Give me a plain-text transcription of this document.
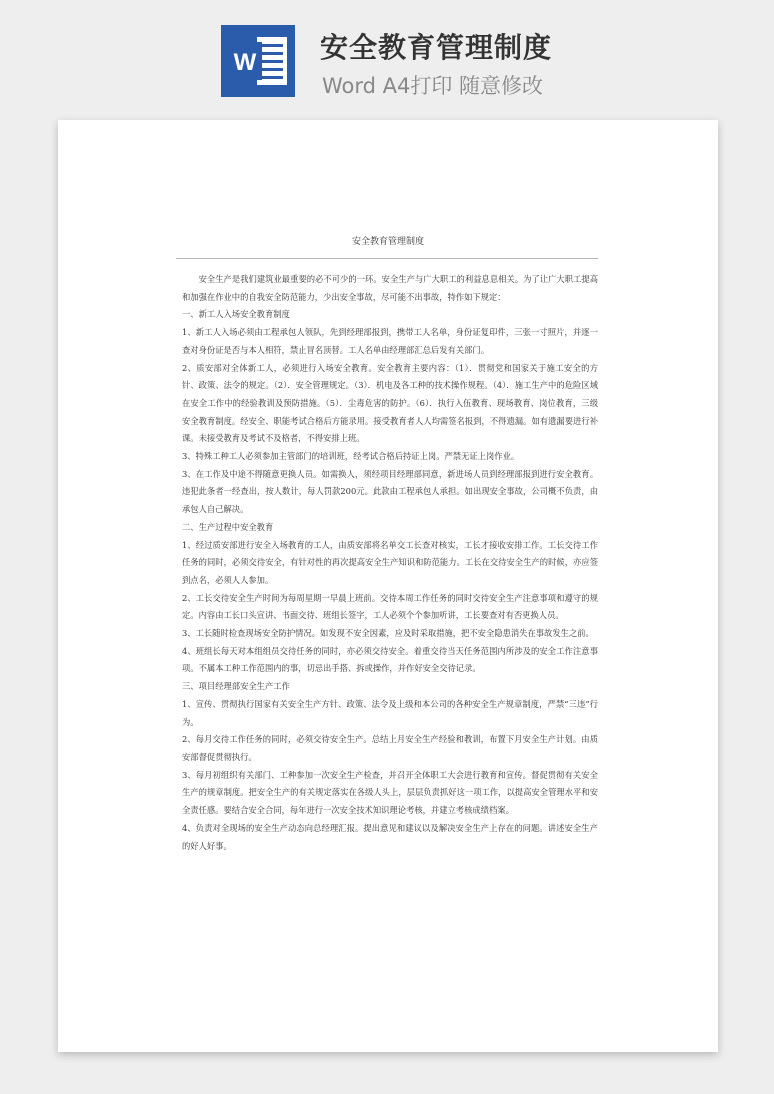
W 安全教育管理制度
Word A4打印 随意修改
安全教育管理制度

安全生产是我们建筑业最重要的必不可少的一环。安全生产与广大职工的利益息息相关。为了让广大职工提高和加强在作业中的自我安全防范能力，少出安全事故，尽可能不出事故，特作如下规定：

一、新工人入场安全教育制度

1、新工人入场必须由工程承包人领队，先到经理部报到，携带工人名单，身份证复印件，三张一寸照片，并逐一查对身份证是否与本人相符，禁止冒名顶替。工人名单由经理部汇总后发有关部门。

2、质安部对全体新工人，必须进行入场安全教育。安全教育主要内容：（1）．贯彻党和国家关于施工安全的方针、政策、法令的规定。（2）．安全管理规定。（3）．机电及各工种的技术操作规程。（4）．施工生产中的危险区域在安全工作中的经验教训及预防措施。（5）．尘毒危害的防护。（6）．执行入伍教育、现场教育、岗位教育，三级安全教育制度。经安全、职能考试合格后方能录用。接受教育者人人均需签名报到，不得遗漏。如有遗漏要进行补课。未接受教育及考试不及格者，不得安排上班。

3、特殊工种工人必须参加主管部门的培训班，经考试合格后持证上岗。严禁无证上岗作业。

3、在工作及中途不得随意更换人员。如需换人，须经项目经理部同意，新进场人员到经理部报到进行安全教育。违犯此条者一经查出，按人数计，每人罚款200元。此款由工程承包人承担。如出现安全事故，公司概不负责，由承包人自己解决。

二、生产过程中安全教育

1、经过质安部进行安全入场教育的工人，由质安部将名单交工长查对核实，工长才接收安排工作。工长交待工作任务的同时，必须交待安全，有针对性的再次提高安全生产知识和防范能力。工长在交待安全生产的时候，亦应签到点名，必须人人参加。

2、工长交待安全生产时间为每周星期一早晨上班前。交待本周工作任务的同时交待安全生产注意事项和遵守的规定。内容由工长口头宣讲、书面交待、班组长签字，工人必须个个参加听讲，工长要查对有否更换人员。

3、工长随时检查现场安全防护情况。如发现不安全因素，应及时采取措施，把不安全隐患消失在事故发生之前。

4、班组长每天对本组组员交待任务的同时，亦必须交待安全。着重交待当天任务范围内所涉及的安全工作注意事项。不属本工种工作范围内的事，切忌出手搭、拆或操作，并作好安全交待记录。

三、项目经理部安全生产工作

1、宣传、贯彻执行国家有关安全生产方针、政策、法令及上级和本公司的各种安全生产规章制度，严禁“三违”行为。

2、每月交待工作任务的同时，必须交待安全生产。总结上月安全生产经验和教训，布置下月安全生产计划。由质安部督促贯彻执行。

3、每月初组织有关部门、工种参加一次安全生产检查，并召开全体职工大会进行教育和宣传。督促贯彻有关安全生产的规章制度。把安全生产的有关规定落实在各级人头上，层层负责抓好这一项工作，以提高安全管理水平和安全责任感。要结合安全合同，每年进行一次安全技术知识理论考核，并建立考核成绩档案。

4、负责对全现场的安全生产动态向总经理汇报。提出意见和建议以及解决安全生产上存在的问题。讲述安全生产的好人好事。
